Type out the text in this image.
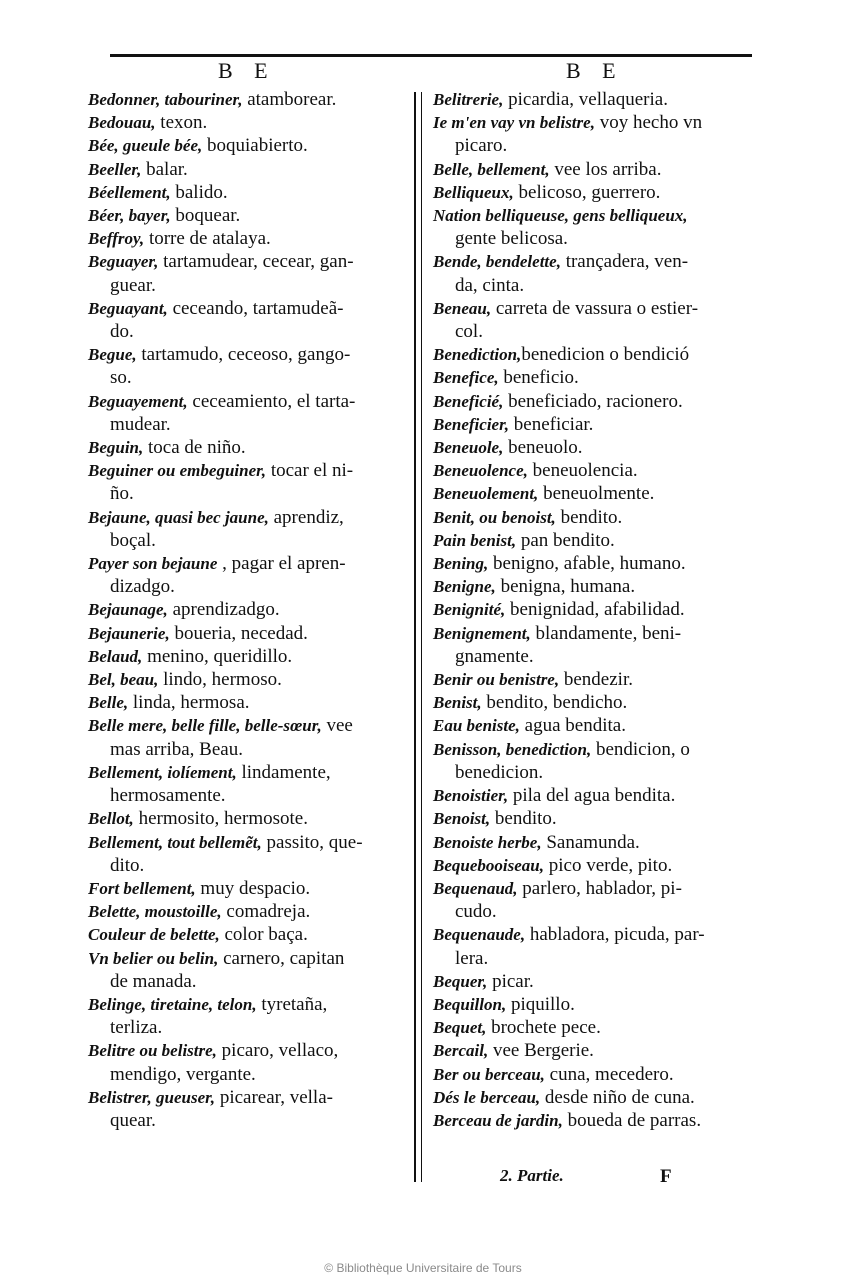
B E	B E
Bedonner, tabouriner, atamborear.
Bedouau, texon.
Bée, gueule bée, boquiabierto.
Beeller, balar.
Béellement, balido.
Béer, bayer, boquear.
Beffroy, torre de atalaya.
Beguayer, tartamudear, cecear, gan-
guear.
Beguayant, ceceando, tartamudeã-
do.
Begue, tartamudo, ceceoso, gango-
so.
Beguayement, ceceamiento, el tarta-
mudear.
Beguin, toca de niño.
Beguiner ou embeguiner, tocar el ni-
ño.
Bejaune, quasi bec jaune, aprendiz,
boçal.
Payer son bejaune , pagar el apren-
dizadgo.
Bejaunage, aprendizadgo.
Bejaunerie, boueria, necedad.
Belaud, menino, queridillo.
Bel, beau, lindo, hermoso.
Belle, linda, hermosa.
Belle mere, belle fille, belle-sœur, vee
mas arriba, Beau.
Bellement, iolíement, lindamente,
hermosamente.
Bellot, hermosito, hermosote.
Bellement, tout bellemẽt, passito, que-
dito.
Fort bellement, muy despacio.
Belette, moustoille, comadreja.
Couleur de belette, color baça.
Vn belier ou belin, carnero, capitan
de manada.
Belinge, tiretaine, telon, tyretaña,
terliza.
Belitre ou belistre, picaro, vellaco,
mendigo, vergante.
Belistrer, gueuser, picarear, vella-
quear.
Belitrerie, picardia, vellaqueria.
Ie m'en vay vn belistre, voy hecho vn
picaro.
Belle, bellement, vee los arriba.
Belliqueux, belicoso, guerrero.
Nation belliqueuse, gens belliqueux,
gente belicosa.
Bende, bendelette, trançadera, ven-
da, cinta.
Beneau, carreta de vassura o estier-
col.
Benediction,benedicion o bendició
Benefice, beneficio.
Beneficié, beneficiado, racionero.
Beneficier, beneficiar.
Beneuole, beneuolo.
Beneuolence, beneuolencia.
Beneuolement, beneuolmente.
Benit, ou benoist, bendito.
Pain benist, pan bendito.
Bening, benigno, afable, humano.
Benigne, benigna, humana.
Benignité, benignidad, afabilidad.
Benignement, blandamente, beni-
gnamente.
Benir ou benistre, bendezir.
Benist, bendito, bendicho.
Eau beniste, agua bendita.
Benisson, benediction, bendicion, o
benedicion.
Benoistier, pila del agua bendita.
Benoist, bendito.
Benoiste herbe, Sanamunda.
Bequebooiseau, pico verde, pito.
Bequenaud, parlero, hablador, pi-
cudo.
Bequenaude, habladora, picuda, par-
lera.
Bequer, picar.
Bequillon, piquillo.
Bequet, brochete pece.
Bercail, vee Bergerie.
Ber ou berceau, cuna, mecedero.
Dés le berceau, desde niño de cuna.
Berceau de jardin, boueda de parras.
2. Partie.	F
© Bibliothèque Universitaire de Tours
